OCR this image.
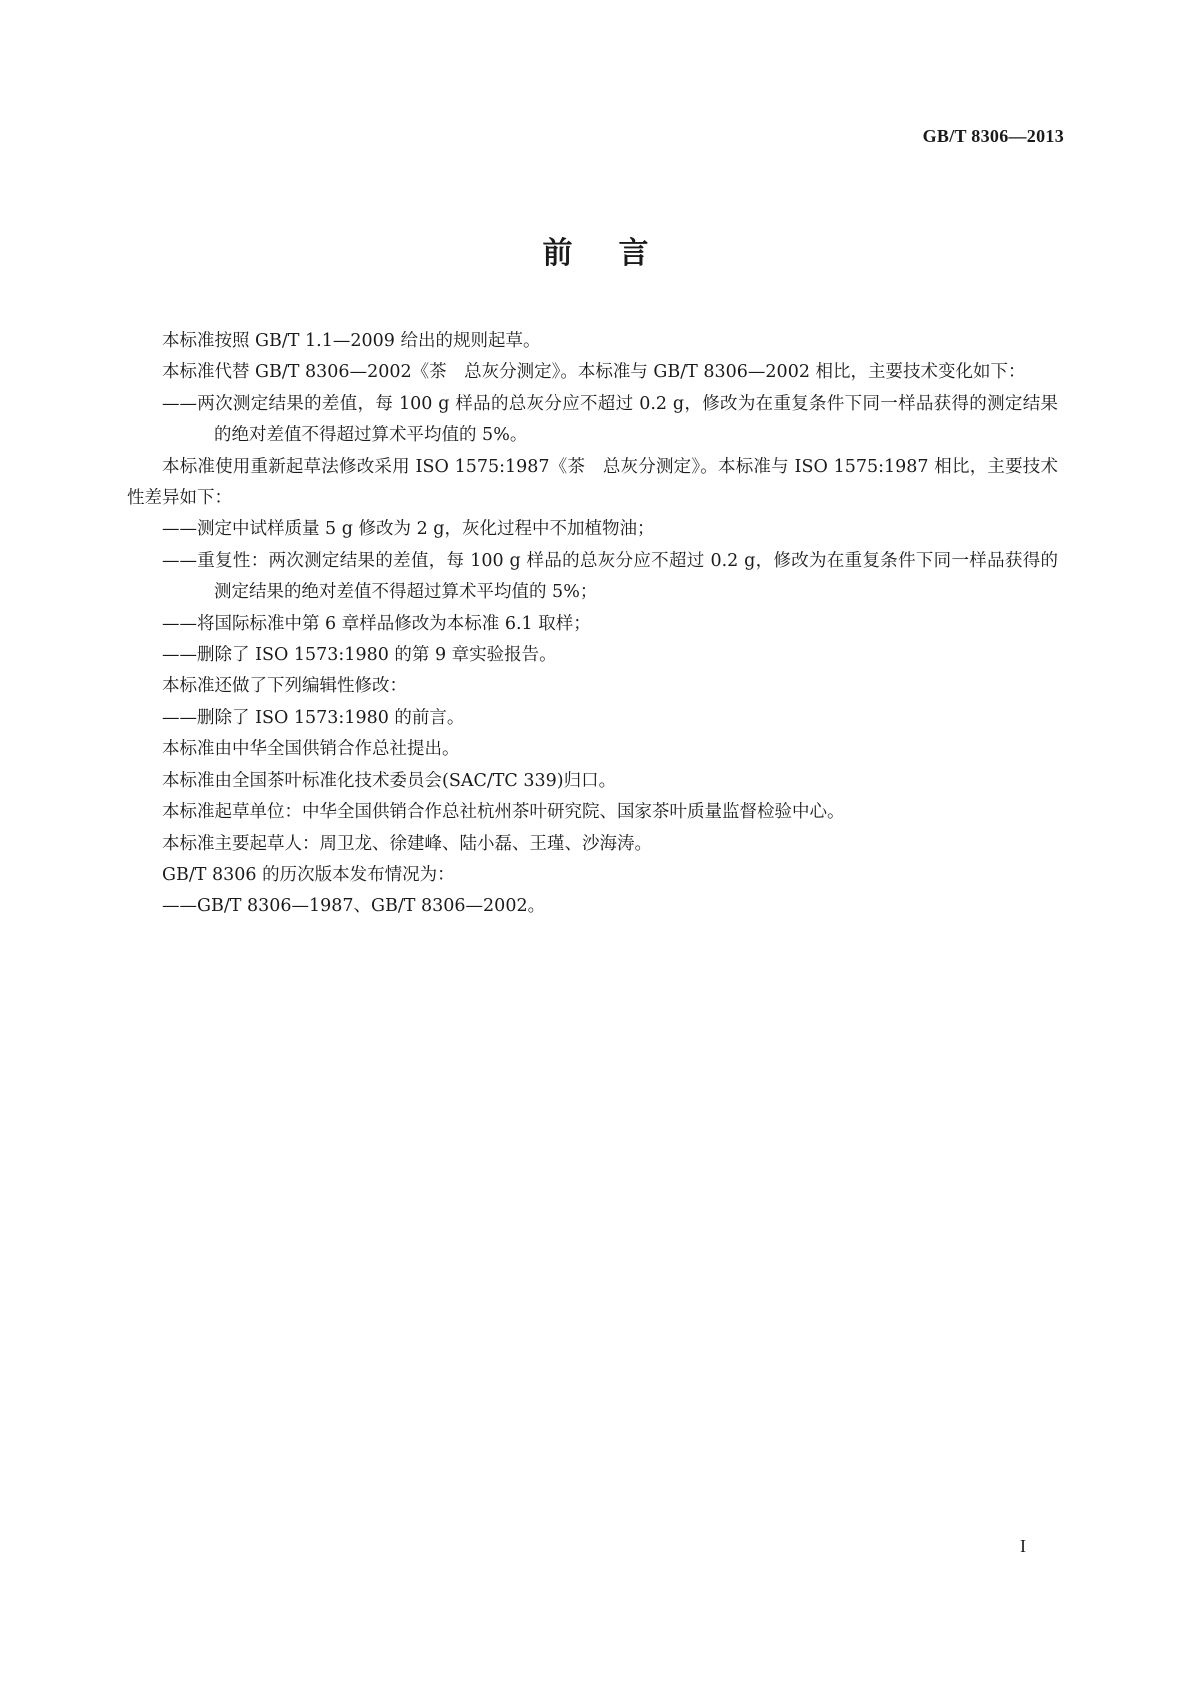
GB/T 8306—2013
前言

本标准按照 GB/T 1.1—2009 给出的规则起草。

本标准代替 GB/T 8306—2002《茶　总灰分测定》。本标准与 GB/T 8306—2002 相比，主要技术变化如下：

——两次测定结果的差值，每 100 g 样品的总灰分应不超过 0.2 g，修改为在重复条件下同一样品获得的测定结果的绝对差值不得超过算术平均值的 5%。

本标准使用重新起草法修改采用 ISO 1575:1987《茶　总灰分测定》。本标准与 ISO 1575:1987 相比，主要技术性差异如下：

——测定中试样质量 5 g 修改为 2 g，灰化过程中不加植物油；

——重复性：两次测定结果的差值，每 100 g 样品的总灰分应不超过 0.2 g，修改为在重复条件下同一样品获得的测定结果的绝对差值不得超过算术平均值的 5%；

——将国际标准中第 6 章样品修改为本标准 6.1 取样；

——删除了 ISO 1573:1980 的第 9 章实验报告。

本标准还做了下列编辑性修改：

——删除了 ISO 1573:1980 的前言。

本标准由中华全国供销合作总社提出。

本标准由全国茶叶标准化技术委员会(SAC/TC 339)归口。

本标准起草单位：中华全国供销合作总社杭州茶叶研究院、国家茶叶质量监督检验中心。

本标准主要起草人：周卫龙、徐建峰、陆小磊、王瑾、沙海涛。

GB/T 8306 的历次版本发布情况为：

——GB/T 8306—1987、GB/T 8306—2002。

I
